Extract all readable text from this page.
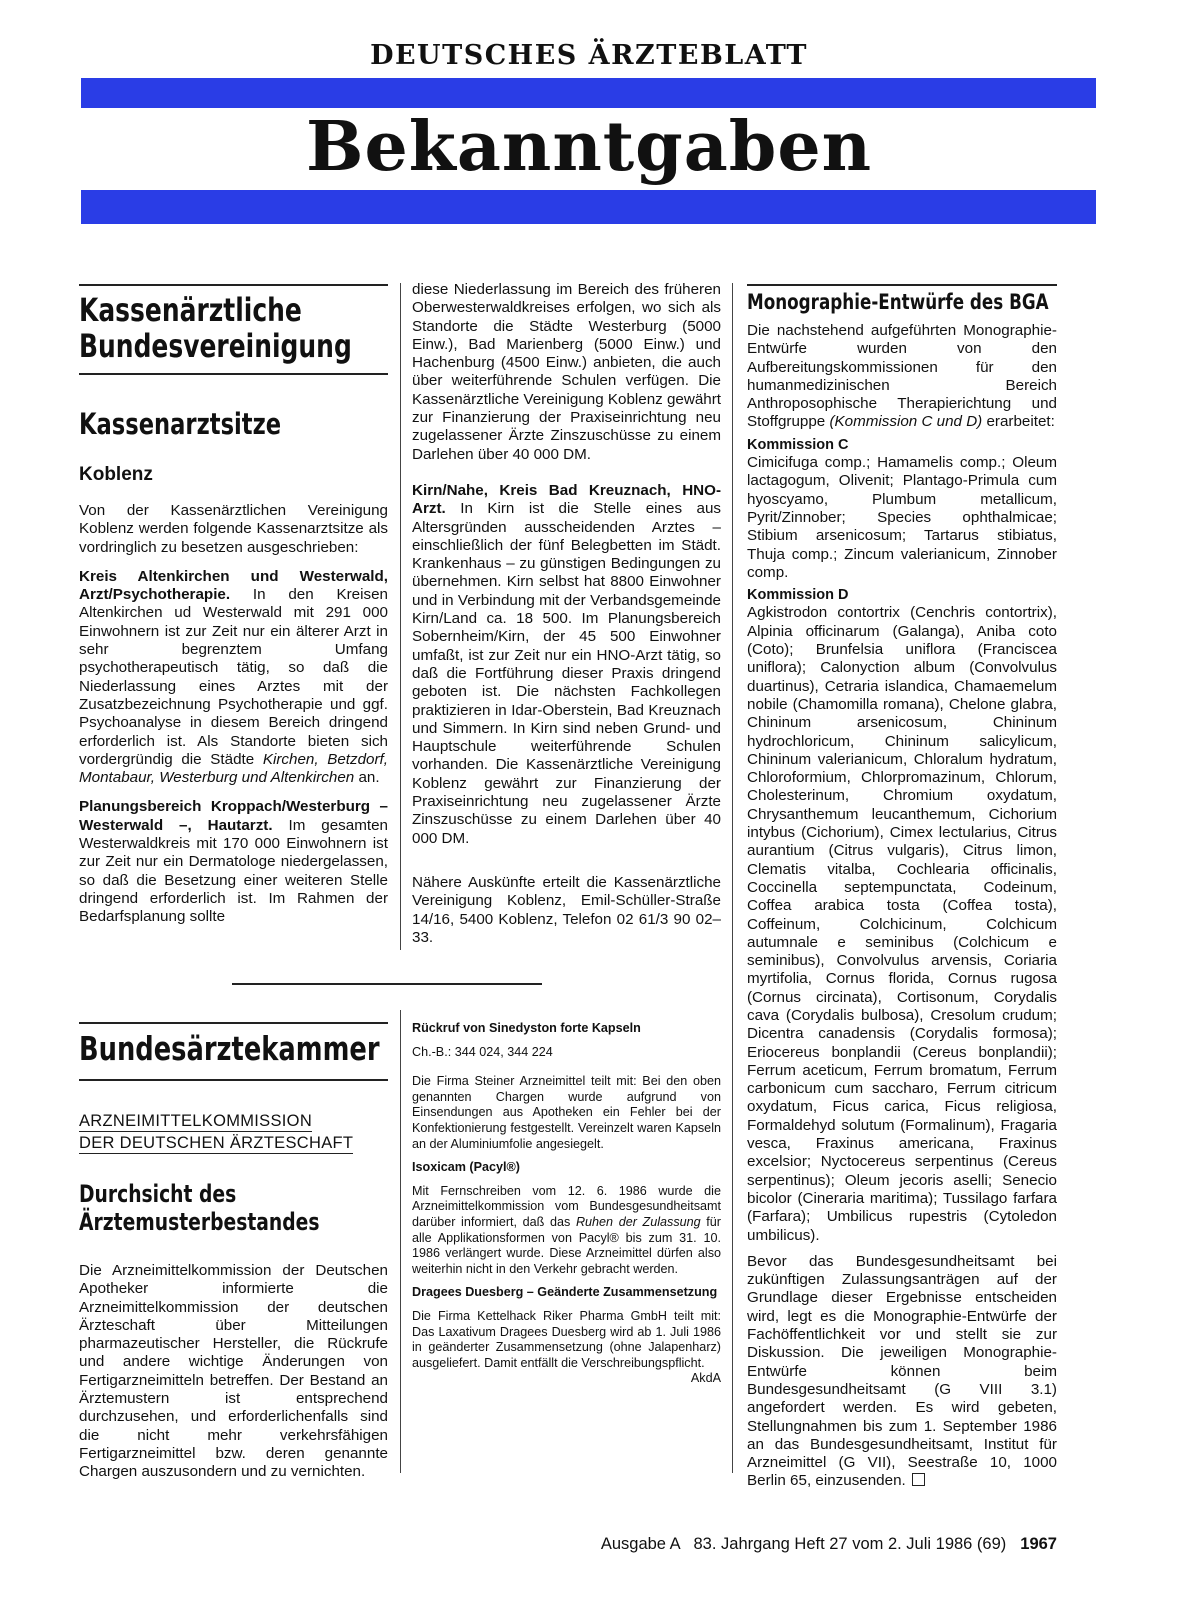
DEUTSCHES ÄRZTEBLATT
Bekanntgaben
Kassenärztliche
Bundesvereinigung
Kassenarztsitze
Koblenz

Von der Kassenärztlichen Vereinigung Koblenz werden folgende Kassenarztsitze als vordringlich zu besetzen ausgeschrieben:

Kreis Altenkirchen und Westerwald, Arzt/Psychotherapie. In den Kreisen Altenkirchen ud Westerwald mit 291 000 Einwohnern ist zur Zeit nur ein älterer Arzt in sehr begrenztem Umfang psychotherapeutisch tätig, so daß die Niederlassung eines Arztes mit der Zusatzbezeichnung Psychotherapie und ggf. Psychoanalyse in diesem Bereich dringend erforderlich ist. Als Standorte bieten sich vordergründig die Städte Kirchen, Betzdorf, Montabaur, Westerburg und Altenkirchen an.

Planungsbereich Kroppach/Westerburg – Westerwald –, Hautarzt. Im gesamten Westerwaldkreis mit 170 000 Einwohnern ist zur Zeit nur ein Dermatologe niedergelassen, so daß die Besetzung einer weiteren Stelle dringend erforderlich ist. Im Rahmen der Bedarfsplanung sollte

diese Niederlassung im Bereich des früheren Oberwesterwaldkreises erfolgen, wo sich als Standorte die Städte Westerburg (5000 Einw.), Bad Marienberg (5000 Einw.) und Hachenburg (4500 Einw.) anbieten, die auch über weiterführende Schulen verfügen. Die Kassenärztliche Vereinigung Koblenz gewährt zur Finanzierung der Praxiseinrichtung neu zugelassener Ärzte Zinszuschüsse zu einem Darlehen über 40 000 DM.

Kirn/Nahe, Kreis Bad Kreuznach, HNO-Arzt. In Kirn ist die Stelle eines aus Altersgründen ausscheidenden Arztes – einschließlich der fünf Belegbetten im Städt. Krankenhaus – zu günstigen Bedingungen zu übernehmen. Kirn selbst hat 8800 Einwohner und in Verbindung mit der Verbandsgemeinde Kirn/Land ca. 18 500. Im Planungsbereich Sobernheim/Kirn, der 45 500 Einwohner umfaßt, ist zur Zeit nur ein HNO-Arzt tätig, so daß die Fortführung dieser Praxis dringend geboten ist. Die nächsten Fachkollegen praktizieren in Idar-Oberstein, Bad Kreuznach und Simmern. In Kirn sind neben Grund- und Hauptschule weiterführende Schulen vorhanden. Die Kassenärztliche Vereinigung Koblenz gewährt zur Finanzierung der Praxiseinrichtung neu zugelassener Ärzte Zinszuschüsse zu einem Darlehen über 40 000 DM.

Nähere Auskünfte erteilt die Kassenärztliche Vereinigung Koblenz, Emil-Schüller-Straße 14/16, 5400 Koblenz, Telefon 02 61/3 90 02–33.

Bundesärztekammer
ARZNEIMITTELKOMMISSION
DER DEUTSCHEN ÄRZTESCHAFT
Durchsicht des
Ärztemusterbestandes

Die Arzneimittelkommission der Deutschen Apotheker informierte die Arzneimittelkommission der deutschen Ärzteschaft über Mitteilungen pharmazeutischer Hersteller, die Rückrufe und andere wichtige Änderungen von Fertigarzneimitteln betreffen. Der Bestand an Ärztemustern ist entsprechend durchzusehen, und erforderlichenfalls sind die nicht mehr verkehrsfähigen Fertigarzneimittel bzw. deren genannte Chargen auszusondern und zu vernichten.

Rückruf von Sinedyston forte Kapseln

Ch.-B.: 344 024, 344 224

Die Firma Steiner Arzneimittel teilt mit: Bei den oben genannten Chargen wurde aufgrund von Einsendungen aus Apotheken ein Fehler bei der Konfektionierung festgestellt. Vereinzelt waren Kapseln an der Aluminiumfolie angesiegelt.

Isoxicam (Pacyl®)

Mit Fernschreiben vom 12. 6. 1986 wurde die Arzneimittelkommission vom Bundesgesundheitsamt darüber informiert, daß das Ruhen der Zulassung für alle Applikationsformen von Pacyl® bis zum 31. 10. 1986 verlängert wurde. Diese Arzneimittel dürfen also weiterhin nicht in den Verkehr gebracht werden.

Dragees Duesberg – Geänderte Zusammensetzung

Die Firma Kettelhack Riker Pharma GmbH teilt mit: Das Laxativum Dragees Duesberg wird ab 1. Juli 1986 in geänderter Zusammensetzung (ohne Jalapenharz) ausgeliefert. Damit entfällt die Verschreibungspflicht.
AkdA

Monographie-Entwürfe des BGA

Die nachstehend aufgeführten Monographie-Entwürfe wurden von den Aufbereitungskommissionen für den humanmedizinischen Bereich Anthroposophische Therapierichtung und Stoffgruppe (Kommission C und D) erarbeitet:

Kommission C

Cimicifuga comp.; Hamamelis comp.; Oleum lactagogum, Olivenit; Plantago-Primula cum hyoscyamo, Plumbum metallicum, Pyrit/Zinnober; Species ophthalmicae; Stibium arsenicosum; Tartarus stibiatus, Thuja comp.; Zincum valerianicum, Zinnober comp.

Kommission D

Agkistrodon contortrix (Cenchris contortrix), Alpinia officinarum (Galanga), Aniba coto (Coto); Brunfelsia uniflora (Franciscea uniflora); Calonyction album (Convolvulus duartinus), Cetraria islandica, Chamaemelum nobile (Chamomilla romana), Chelone glabra, Chininum arsenicosum, Chininum hydrochloricum, Chininum salicylicum, Chininum valerianicum, Chloralum hydratum, Chloroformium, Chlorpromazinum, Chlorum, Cholesterinum, Chromium oxydatum, Chrysanthemum leucanthemum, Cichorium intybus (Cichorium), Cimex lectularius, Citrus aurantium (Citrus vulgaris), Citrus limon, Clematis vitalba, Cochlearia officinalis, Coccinella septempunctata, Codeinum, Coffea arabica tosta (Coffea tosta), Coffeinum, Colchicinum, Colchicum autumnale e seminibus (Colchicum e seminibus), Convolvulus arvensis, Coriaria myrtifolia, Cornus florida, Cornus rugosa (Cornus circinata), Cortisonum, Corydalis cava (Corydalis bulbosa), Cresolum crudum; Dicentra canadensis (Corydalis formosa); Eriocereus bonplandii (Cereus bonplandii); Ferrum aceticum, Ferrum bromatum, Ferrum carbonicum cum saccharo, Ferrum citricum oxydatum, Ficus carica, Ficus religiosa, Formaldehyd solutum (Formalinum), Fragaria vesca, Fraxinus americana, Fraxinus excelsior; Nyctocereus serpentinus (Cereus serpentinus); Oleum jecoris aselli; Senecio bicolor (Cineraria maritima); Tussilago farfara (Farfara); Umbilicus rupestris (Cytoledon umbilicus).

Bevor das Bundesgesundheitsamt bei zukünftigen Zulassungsanträgen auf der Grundlage dieser Ergebnisse entscheiden wird, legt es die Monographie-Entwürfe der Fachöffentlichkeit vor und stellt sie zur Diskussion. Die jeweiligen Monographie-Entwürfe können beim Bundesgesundheitsamt (G VIII 3.1) angefordert werden. Es wird gebeten, Stellungnahmen bis zum 1. September 1986 an das Bundesgesundheitsamt, Institut für Arzneimittel (G VII), Seestraße 10, 1000 Berlin 65, einzusenden.

Ausgabe A   83. Jahrgang Heft 27 vom 2. Juli 1986 (69) 1967
